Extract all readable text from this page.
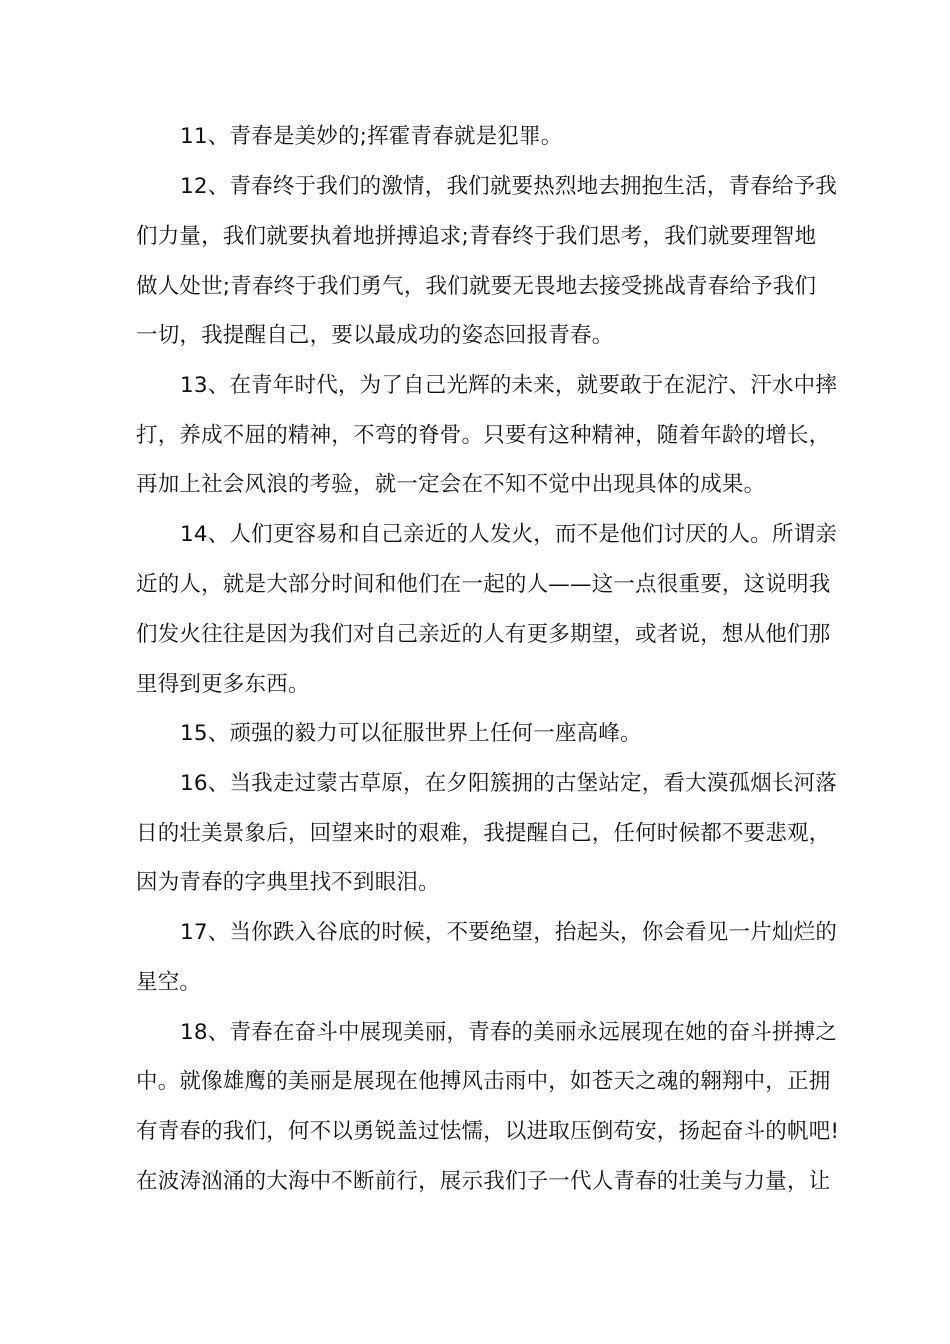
11、青春是美妙的;挥霍青春就是犯罪。

12、青春终于我们的激情，我们就要热烈地去拥抱生活，青春给予我

们力量，我们就要执着地拼搏追求;青春终于我们思考，我们就要理智地

做人处世;青春终于我们勇气，我们就要无畏地去接受挑战青春给予我们

一切，我提醒自己，要以最成功的姿态回报青春。

13、在青年时代，为了自己光辉的未来，就要敢于在泥泞、汗水中摔

打，养成不屈的精神，不弯的脊骨。只要有这种精神，随着年龄的增长，

再加上社会风浪的考验，就一定会在不知不觉中出现具体的成果。

14、人们更容易和自己亲近的人发火，而不是他们讨厌的人。所谓亲

近的人，就是大部分时间和他们在一起的人——这一点很重要，这说明我

们发火往往是因为我们对自己亲近的人有更多期望，或者说，想从他们那

里得到更多东西。

15、顽强的毅力可以征服世界上任何一座高峰。

16、当我走过蒙古草原，在夕阳簇拥的古堡站定，看大漠孤烟长河落

日的壮美景象后，回望来时的艰难，我提醒自己，任何时候都不要悲观，

因为青春的字典里找不到眼泪。

17、当你跌入谷底的时候，不要绝望，抬起头，你会看见一片灿烂的

星空。

18、青春在奋斗中展现美丽，青春的美丽永远展现在她的奋斗拼搏之

中。就像雄鹰的美丽是展现在他搏风击雨中，如苍天之魂的翱翔中，正拥

有青春的我们，何不以勇锐盖过怯懦，以进取压倒苟安，扬起奋斗的帆吧!

在波涛汹涌的大海中不断前行，展示我们子一代人青春的壮美与力量，让
